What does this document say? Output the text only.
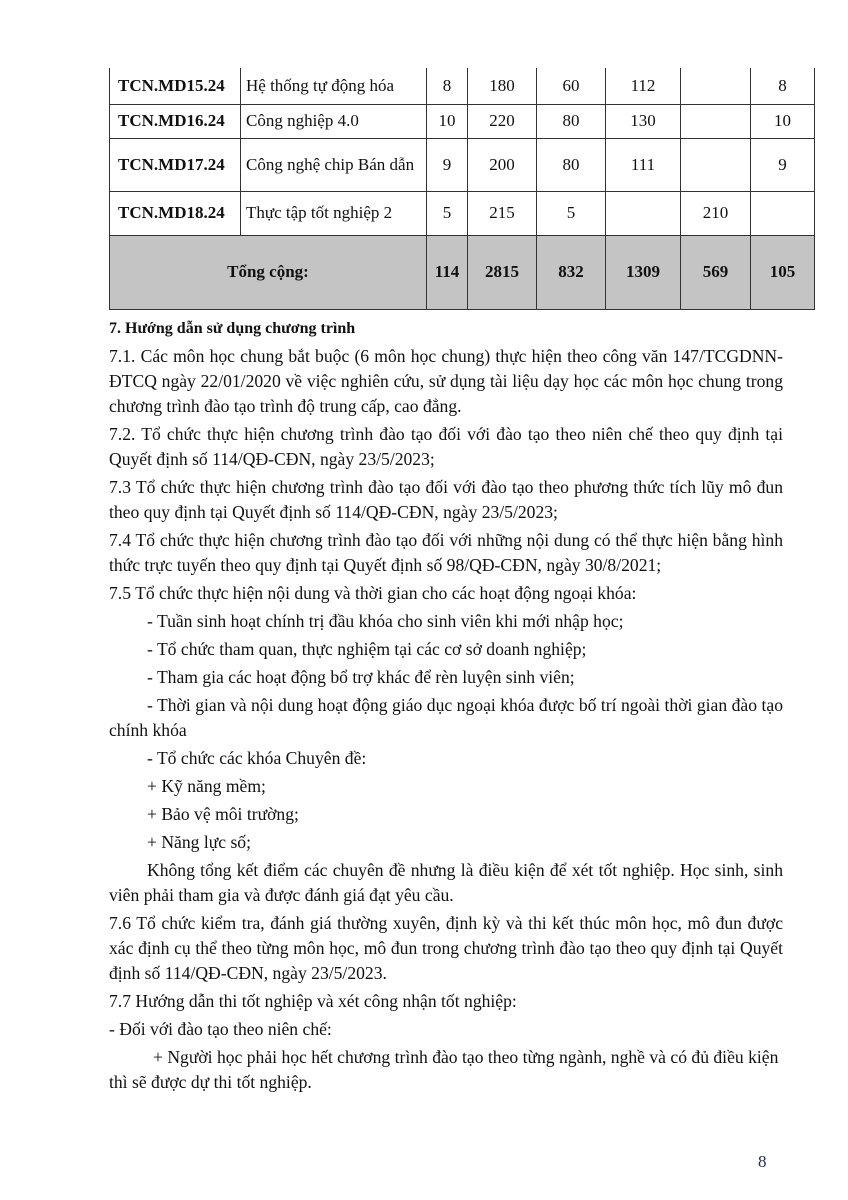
TCN.MD15.24	Hệ thống tự động hóa	8	180	60	112		8
TCN.MD16.24	Công nghiệp 4.0	10	220	80	130		10
TCN.MD17.24	Công nghệ chip Bán dẫn	9	200	80	111		9
TCN.MD18.24	Thực tập tốt nghiệp 2	5	215	5		210	
Tổng cộng:		114	2815	832	1309	569	105

7. Hướng dẫn sử dụng chương trình

7.1. Các môn học chung bắt buộc (6 môn học chung) thực hiện theo công văn 147/TCGDNN-ĐTCQ ngày 22/01/2020 về việc nghiên cứu, sử dụng tài liệu dạy học các môn học chung trong chương trình đào tạo trình độ trung cấp, cao đẳng.

7.2. Tổ chức thực hiện chương trình đào tạo đối với đào tạo theo niên chế theo quy định tại Quyết định số 114/QĐ-CĐN, ngày 23/5/2023;

7.3 Tổ chức thực hiện chương trình đào tạo đối với đào tạo theo phương thức tích lũy mô đun theo quy định tại Quyết định số 114/QĐ-CĐN, ngày 23/5/2023;

7.4 Tổ chức thực hiện chương trình đào tạo đối với những nội dung có thể thực hiện bằng hình thức trực tuyến theo quy định tại Quyết định số 98/QĐ-CĐN, ngày 30/8/2021;

7.5 Tổ chức thực hiện nội dung và thời gian cho các hoạt động ngoại khóa:

- Tuần sinh hoạt chính trị đầu khóa cho sinh viên khi mới nhập học;

- Tổ chức tham quan, thực nghiệm tại các cơ sở doanh nghiệp;

- Tham gia các hoạt động bổ trợ khác để rèn luyện sinh viên;

- Thời gian và nội dung hoạt động giáo dục ngoại khóa được bố trí ngoài thời gian đào tạo chính khóa

- Tổ chức các khóa Chuyên đề:

+ Kỹ năng mềm;

+ Bảo vệ môi trường;

+ Năng lực số;

Không tổng kết điểm các chuyên đề nhưng là điều kiện để xét tốt nghiệp. Học sinh, sinh viên phải tham gia và được đánh giá đạt yêu cầu.

7.6 Tổ chức kiểm tra, đánh giá thường xuyên, định kỳ và thi kết thúc môn học, mô đun được xác định cụ thể theo từng môn học, mô đun trong chương trình đào tạo theo quy định tại Quyết định số 114/QĐ-CĐN, ngày 23/5/2023.

7.7 Hướng dẫn thi tốt nghiệp và xét công nhận tốt nghiệp:

- Đối với đào tạo theo niên chế:

+ Người học phải học hết chương trình đào tạo theo từng ngành, nghề và có đủ điều kiện thì sẽ được dự thi tốt nghiệp.

8
